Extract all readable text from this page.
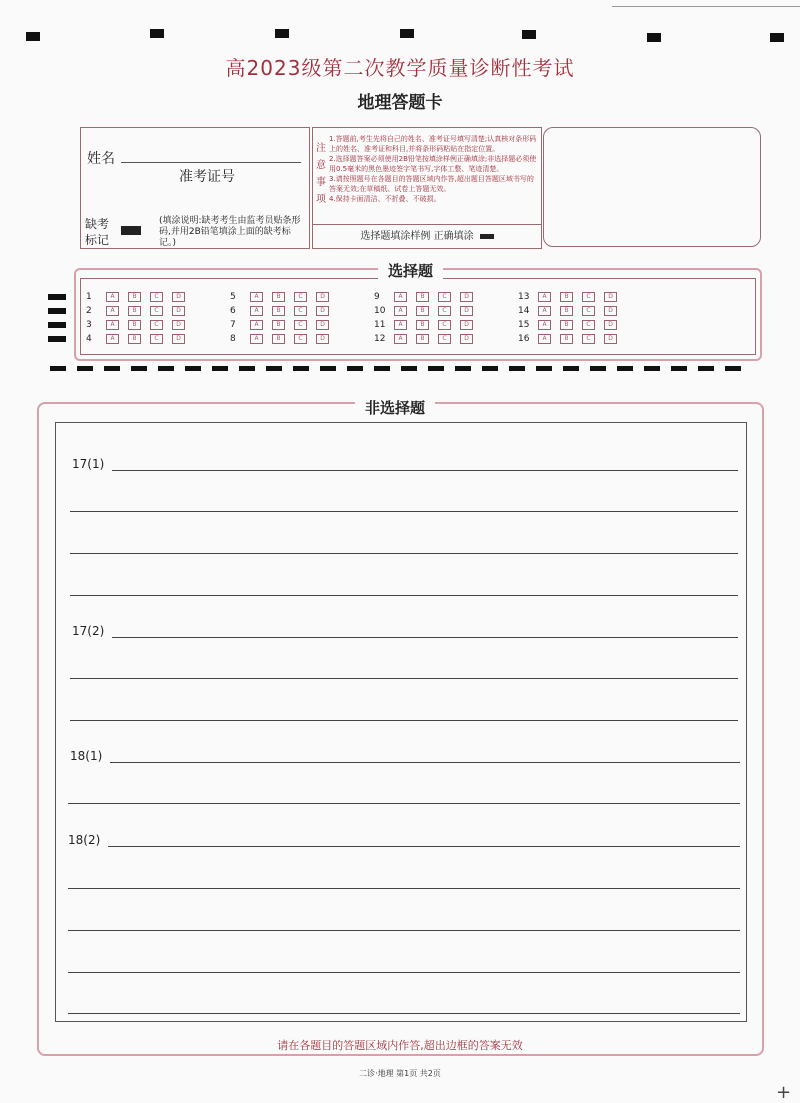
高2023级第二次教学质量诊断性考试
地理答题卡
姓名
准考证号
缺考标记
(填涂说明:缺考考生由监考员贴条形码,并用2B铅笔填涂上面的缺考标记。)
注意事项
1.答题前,考生先将自己的姓名、准考证号填写清楚;认真核对条形码上的姓名、准考证和科目,并将条形码粘贴在指定位置。
2.选择题答案必须使用2B铅笔按填涂样例正确填涂;非选择题必须使用0.5毫米的黑色墨迹签字笔书写,字体工整、笔迹清楚。
3.请按照题号在各题目的答题区域内作答,超出题目答题区域书写的答案无效;在草稿纸、试卷上答题无效。
4.保持卡面清洁、不折叠、不破损。
选择题填涂样例 正确填涂
选择题
1	A	B	C	D
2	A	B	C	D
3	A	B	C	D
4	A	B	C	D
5	A	B	C	D
6	A	B	C	D
7	A	B	C	D
8	A	B	C	D
9	A	B	C	D
10	A	B	C	D
11	A	B	C	D
12	A	B	C	D
13	A	B	C	D
14	A	B	C	D
15	A	B	C	D
16	A	B	C	D
非选择题
17(1)
17(2)
18(1)
18(2)
请在各题目的答题区域内作答,超出边框的答案无效
二诊·地理 第1页 共2页
+
